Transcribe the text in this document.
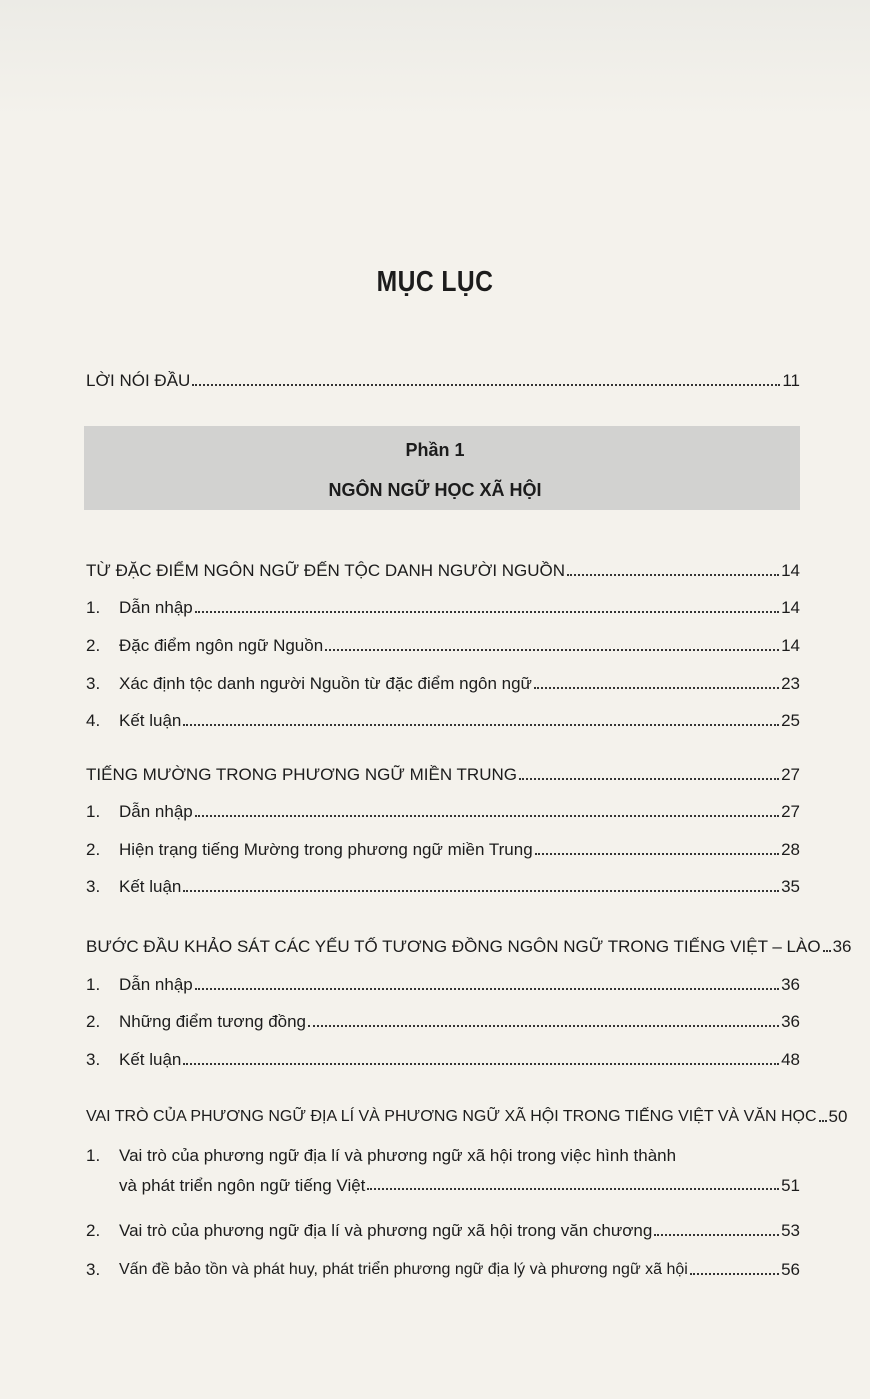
MỤC LỤC
LỜI NÓI ĐẦU	11
Phần 1
NGÔN NGỮ HỌC XÃ HỘI
TỪ ĐẶC ĐIỂM NGÔN NGỮ ĐẾN TỘC DANH NGƯỜI NGUỒN	14
1.	Dẫn nhập	14
2.	Đặc điểm ngôn ngữ Nguồn	14
3.	Xác định tộc danh người Nguồn từ đặc điểm ngôn ngữ	23
4.	Kết luận	25
TIẾNG MƯỜNG TRONG PHƯƠNG NGỮ MIỀN TRUNG	27
1.	Dẫn nhập	27
2.	Hiện trạng tiếng Mường trong phương ngữ miền Trung	28
3.	Kết luận	35
BƯỚC ĐẦU KHẢO SÁT CÁC YẾU TỐ TƯƠNG ĐỒNG NGÔN NGỮ TRONG TIẾNG VIỆT – LÀO 36
1.	Dẫn nhập	36
2.	Những điểm tương đồng	36
3.	Kết luận	48
VAI TRÒ CỦA PHƯƠNG NGỮ ĐỊA LÍ VÀ PHƯƠNG NGỮ XÃ HỘI TRONG TIẾNG VIỆT VÀ VĂN HỌC 50
1.	Vai trò của phương ngữ địa lí và phương ngữ xã hội trong việc hình thành
và phát triển ngôn ngữ tiếng Việt	51
2.	Vai trò của phương ngữ địa lí và phương ngữ xã hội trong văn chương	53
3.	Vấn đề bảo tồn và phát huy, phát triển phương ngữ địa lý và phương ngữ xã hội	56
